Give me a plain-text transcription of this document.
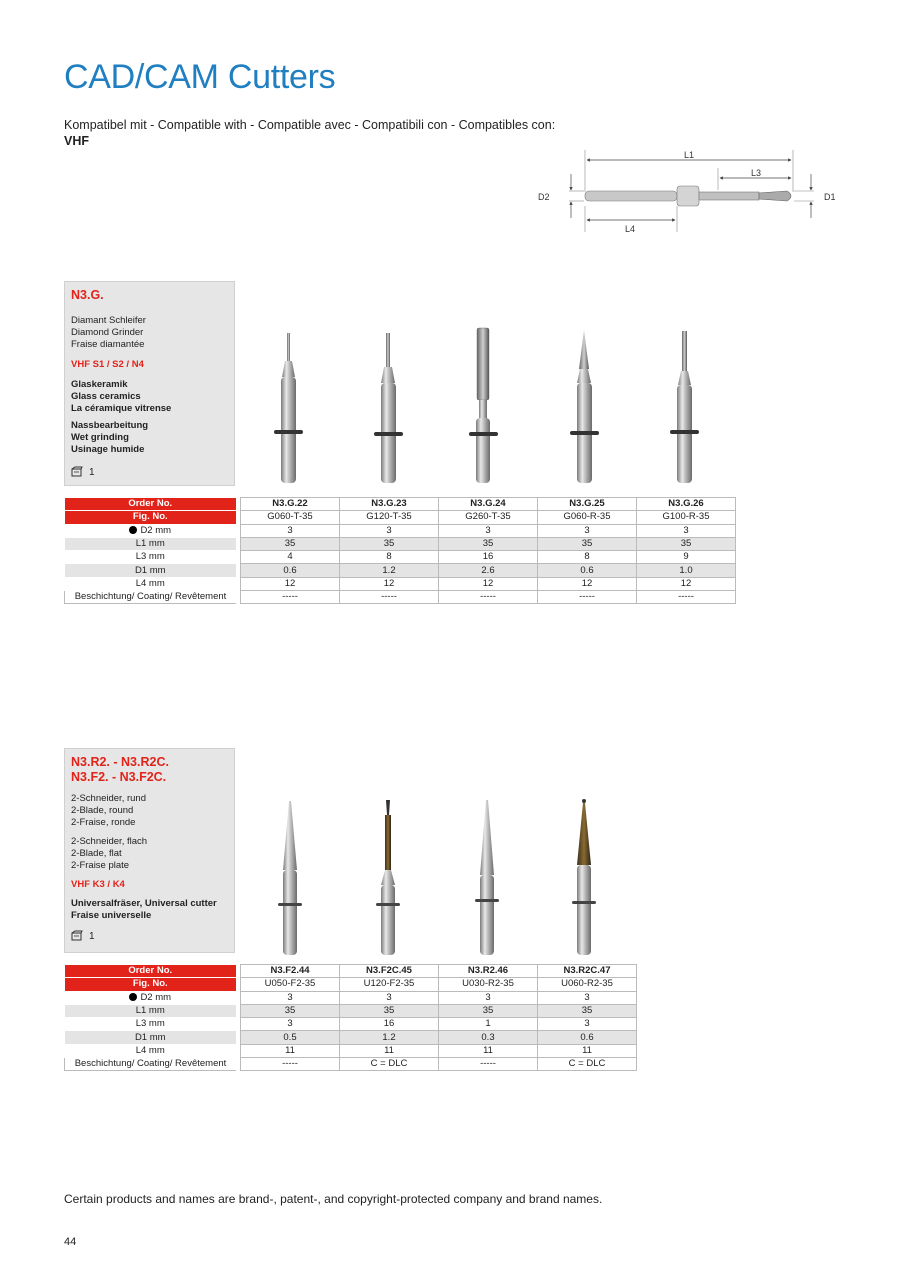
CAD/CAM Cutters
Kompatibel mit - Compatible with - Compatible avec - Compatibili con - Compatibles con:
VHF
L1
L3
D2	D1
L4
N3.G.
Diamant Schleifer
Diamond Grinder
Fraise diamantée
VHF S1 / S2 / N4
Glaskeramik
Glass ceramics
La céramique vitrense
Nassbearbeitung
Wet grinding
Usinage humide
1
Order No.		N3.G.22	N3.G.23	N3.G.24	N3.G.25	N3.G.26
Fig. No.		G060-T-35	G120-T-35	G260-T-35	G060-R-35	G100-R-35
D2 mm		3	3	3	3	3
L1 mm		35	35	35	35	35
L3 mm		4	8	16	8	9
D1 mm		0.6	1.2	2.6	0.6	1.0
L4 mm		12	12	12	12	12
Beschichtung/ Coating/ Revêtement		-----	-----	-----	-----	-----
N3.R2. - N3.R2C.
N3.F2. - N3.F2C.
2-Schneider, rund
2-Blade, round
2-Fraise, ronde
2-Schneider, flach
2-Blade, flat
2-Fraise plate
VHF K3 / K4
Universalfräser, Universal cutter
Fraise universelle
1
Order No.		N3.F2.44	N3.F2C.45	N3.R2.46	N3.R2C.47
Fig. No.		U050-F2-35	U120-F2-35	U030-R2-35	U060-R2-35
D2 mm		3	3	3	3
L1 mm		35	35	35	35
L3 mm		3	16	1	3
D1 mm		0.5	1.2	0.3	0.6
L4 mm		11	11	11	11
Beschichtung/ Coating/ Revêtement		-----	C = DLC	-----	C = DLC
Certain products and names are brand-, patent-, and copyright-protected company and brand names.
44
